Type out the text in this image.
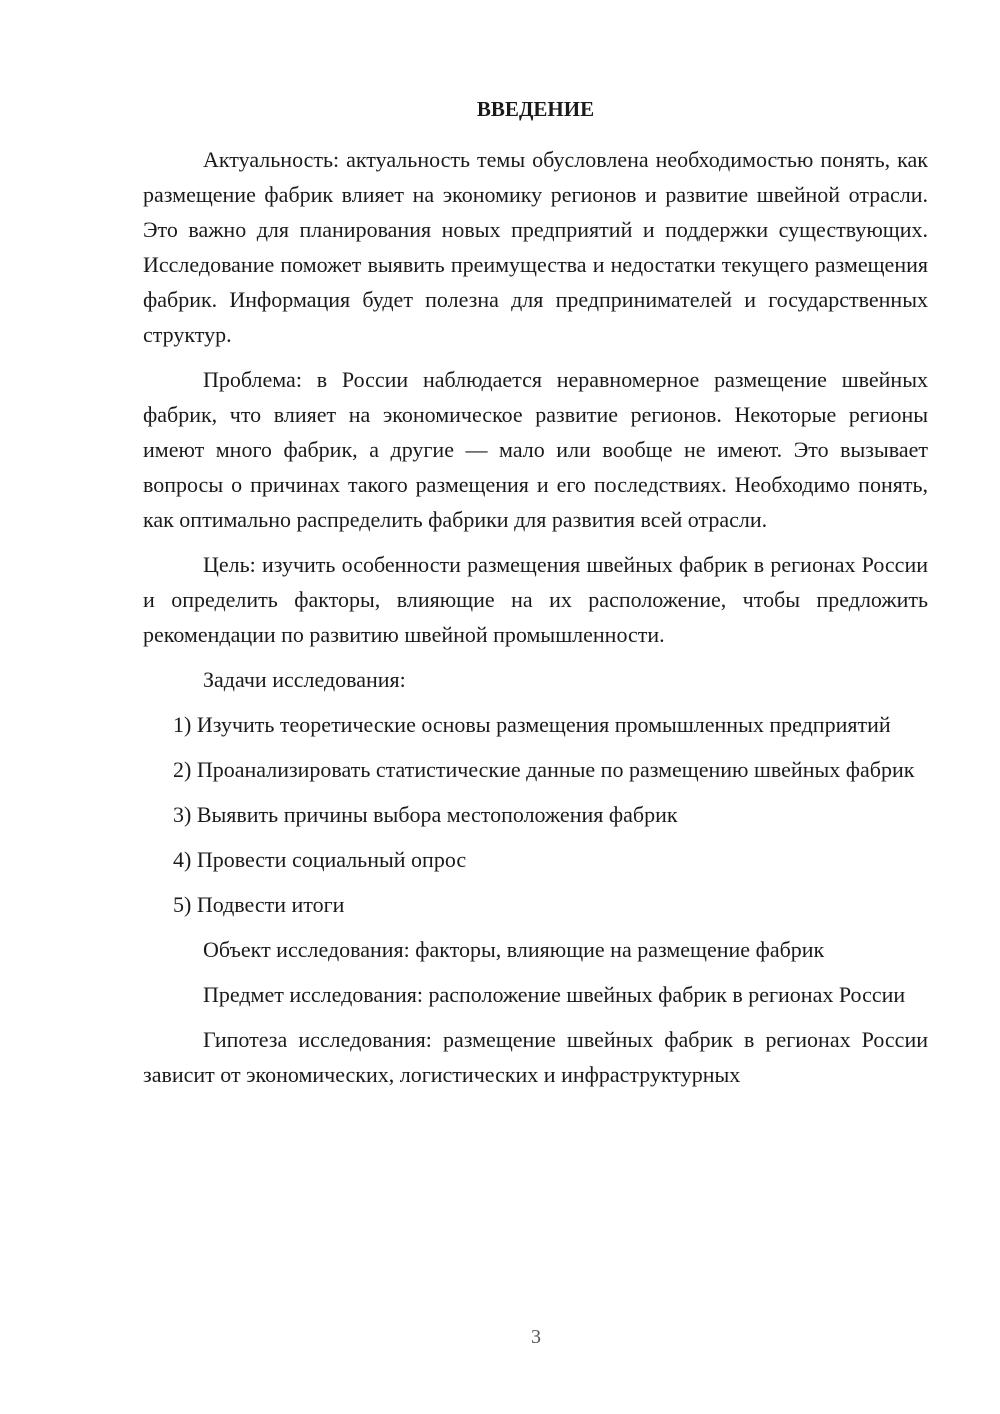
ВВЕДЕНИЕ

Актуальность: актуальность темы обусловлена необходимостью понять, как размещение фабрик влияет на экономику регионов и развитие швейной отрасли. Это важно для планирования новых предприятий и поддержки существующих. Исследование поможет выявить преимущества и недостатки текущего размещения фабрик. Информация будет полезна для предпринимателей и государственных структур.

Проблема: в России наблюдается неравномерное размещение швейных фабрик, что влияет на экономическое развитие регионов. Некоторые регионы имеют много фабрик, а другие — мало или вообще не имеют. Это вызывает вопросы о причинах такого размещения и его последствиях. Необходимо понять, как оптимально распределить фабрики для развития всей отрасли.

Цель: изучить особенности размещения швейных фабрик в регионах России и определить факторы, влияющие на их расположение, чтобы предложить рекомендации по развитию швейной промышленности.

Задачи исследования:

1) Изучить теоретические основы размещения промышленных предприятий

2) Проанализировать статистические данные по размещению швейных фабрик

3) Выявить причины выбора местоположения фабрик

4) Провести социальный опрос

5) Подвести итоги

Объект исследования: факторы, влияющие на размещение фабрик

Предмет исследования: расположение швейных фабрик в регионах России

Гипотеза исследования: размещение швейных фабрик в регионах России зависит от экономических, логистических и инфраструктурных

3
